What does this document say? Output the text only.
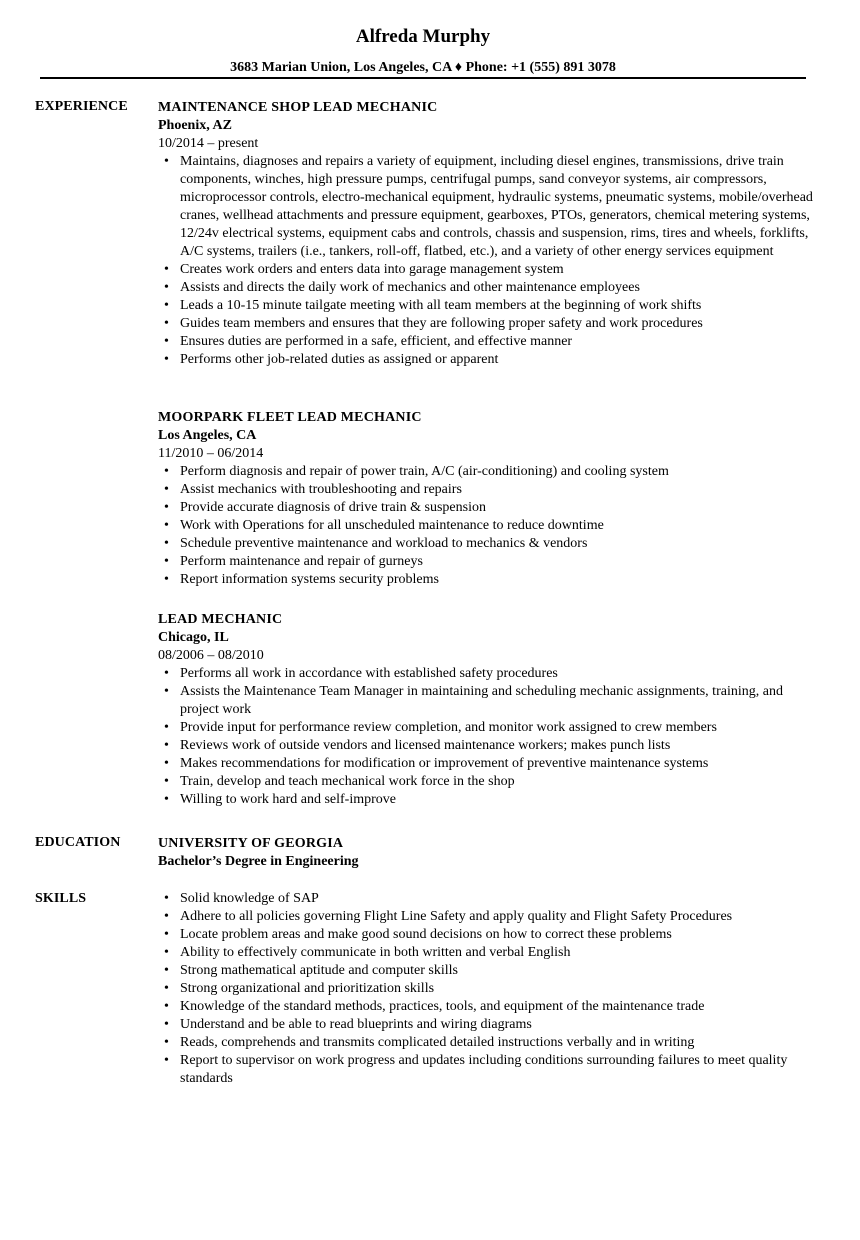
Alfreda Murphy
3683 Marian Union, Los Angeles, CA ♦ Phone: +1 (555) 891 3078
EXPERIENCE MAINTENANCE SHOP LEAD MECHANIC
Phoenix, AZ
10/2014 – present
• Maintains, diagnoses and repairs a variety of equipment, including diesel engines, transmissions, drive train components, winches, high pressure pumps, centrifugal pumps, sand conveyor systems, air compressors, microprocessor controls, electro-mechanical equipment, hydraulic systems, pneumatic systems, mobile/overhead cranes, wellhead attachments and pressure equipment, gearboxes, PTOs, generators, chemical metering systems, 12/24v electrical systems, equipment cabs and controls, chassis and suspension, rims, tires and wheels, forklifts, A/C systems, trailers (i.e., tankers, roll-off, flatbed, etc.), and a variety of other energy services equipment
• Creates work orders and enters data into garage management system
• Assists and directs the daily work of mechanics and other maintenance employees
• Leads a 10-15 minute tailgate meeting with all team members at the beginning of work shifts
• Guides team members and ensures that they are following proper safety and work procedures
• Ensures duties are performed in a safe, efficient, and effective manner
• Performs other job-related duties as assigned or apparent
MOORPARK FLEET LEAD MECHANIC
Los Angeles, CA
11/2010 – 06/2014
• Perform diagnosis and repair of power train, A/C (air-conditioning) and cooling system
• Assist mechanics with troubleshooting and repairs
• Provide accurate diagnosis of drive train & suspension
• Work with Operations for all unscheduled maintenance to reduce downtime
• Schedule preventive maintenance and workload to mechanics & vendors
• Perform maintenance and repair of gurneys
• Report information systems security problems
LEAD MECHANIC
Chicago, IL
08/2006 – 08/2010
• Performs all work in accordance with established safety procedures
• Assists the Maintenance Team Manager in maintaining and scheduling mechanic assignments, training, and project work
• Provide input for performance review completion, and monitor work assigned to crew members
• Reviews work of outside vendors and licensed maintenance workers; makes punch lists
• Makes recommendations for modification or improvement of preventive maintenance systems
• Train, develop and teach mechanical work force in the shop
• Willing to work hard and self-improve
EDUCATION	UNIVERSITY OF GEORGIA
Bachelor’s Degree in Engineering
SKILLS
•	Solid knowledge of SAP
• Adhere to all policies governing Flight Line Safety and apply quality and Flight Safety Procedures
• Locate problem areas and make good sound decisions on how to correct these problems
• Ability to effectively communicate in both written and verbal English
• Strong mathematical aptitude and computer skills
• Strong organizational and prioritization skills
• Knowledge of the standard methods, practices, tools, and equipment of the maintenance trade
• Understand and be able to read blueprints and wiring diagrams
• Reads, comprehends and transmits complicated detailed instructions verbally and in writing
• Report to supervisor on work progress and updates including conditions surrounding failures to meet quality standards
